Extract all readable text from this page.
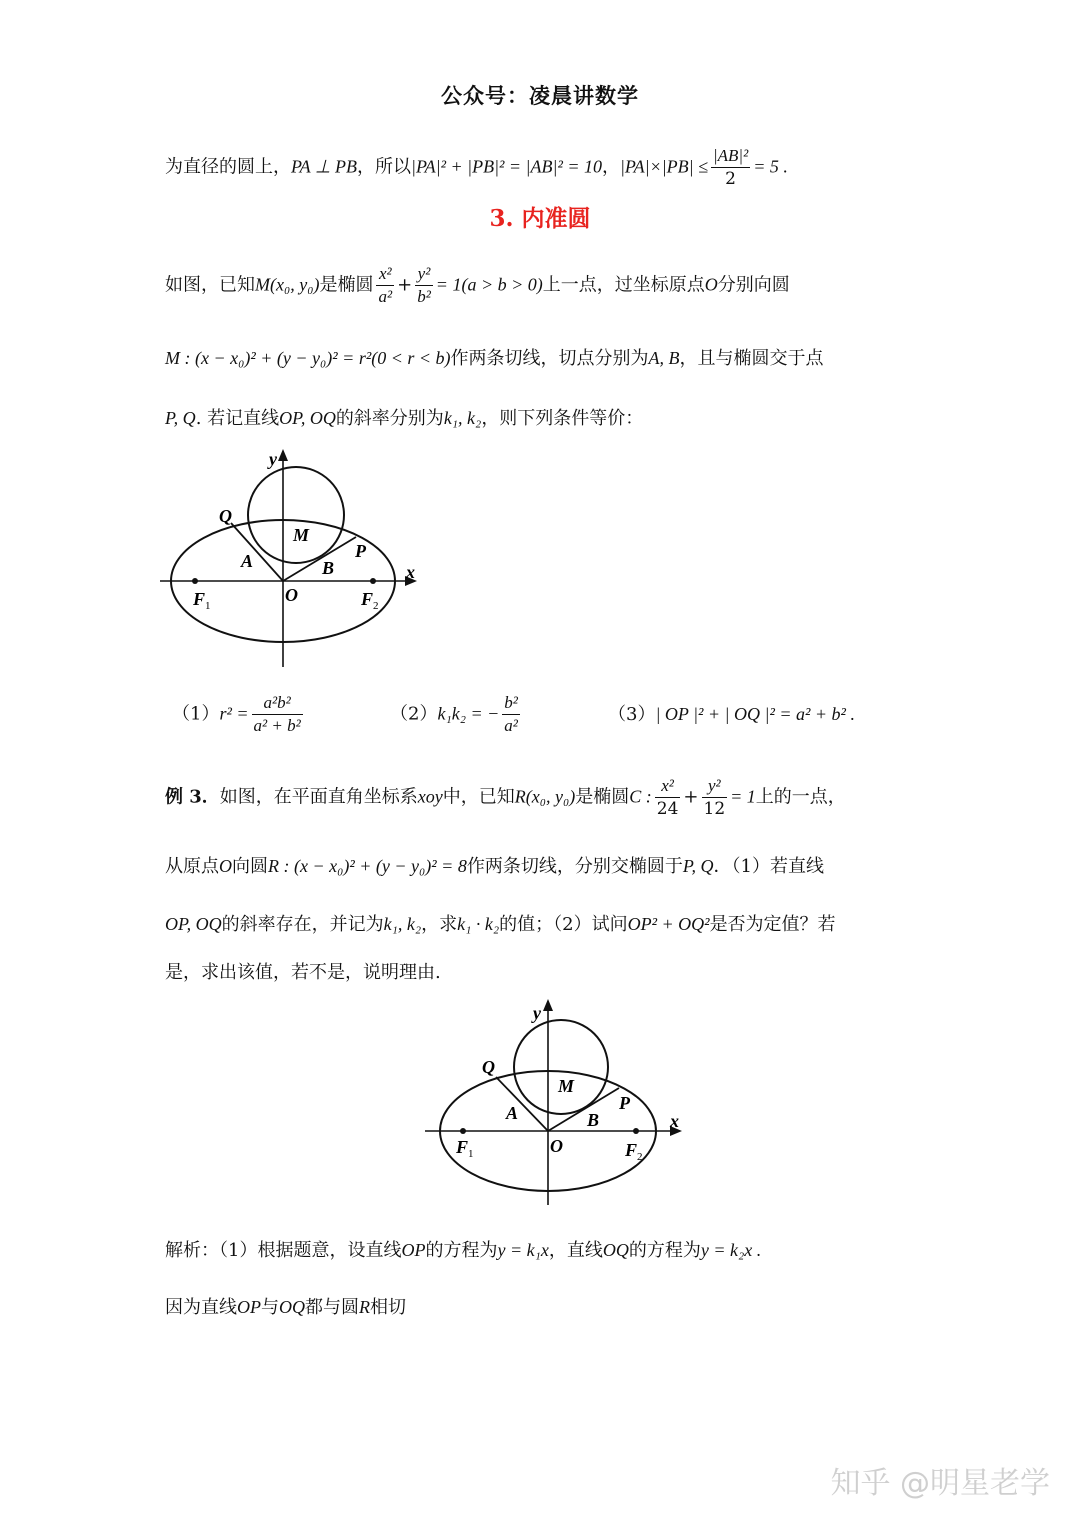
公众号：凌晨讲数学
为直径的圆上，PA ⊥ PB，所以|PA|² + |PB|² = |AB|² = 10，$|PA|\times|PB| \le \frac{\text{|AB|²}}{2} = 5$ .
3. 内准圆
如图，已知M(x₀, y₀)是椭圆 $\frac{\text{x²}}{\text{a²}} + \frac{\text{y²}}{\text{b²}} = 1(a > b > 0)$上一点，过坐标原点O分别向圆
M : (x − x₀)² + (y − y₀)² = r²(0 < r < b)作两条切线，切点分别为A, B，且与椭圆交于点
P, Q. 若记直线OP, OQ的斜率分别为k₁, k₂，则下列条件等价：
y
x
Q
M
P
A	B
O
F 1	F 2
$(1)r^2 = \frac{\text{a²b²}}{\text{a² + b²}}$	（2）k₁k₂ = − $\frac{\text{b²}}{\text{a²}}$	（3）| OP |² + | OQ |² = a² + b² .
例 3．如图，在平面直角坐标系xoy中，已知R(x₀, y₀)是椭圆C : $\frac{\text{x²}}{24} + \frac{\text{y²}}{12} = 1$上的一点，
从原点O向圆R : (x − x₀)² + (y − y₀)² = 8作两条切线，分别交椭圆于P, Q．（1）若直线
OP, OQ的斜率存在，并记为k₁, k₂，求k₁ · k₂的值；（2）试问OP² + OQ²是否为定值？若
是，求出该值，若不是，说明理由.
y
x
Q
M
P
A	B
O
F 1	F 2
解析：（1）根据题意，设直线OP的方程为y = k₁x，直线OQ的方程为y = k₂x .
因为直线OP与OQ都与圆R相切
知乎 @明星老学
